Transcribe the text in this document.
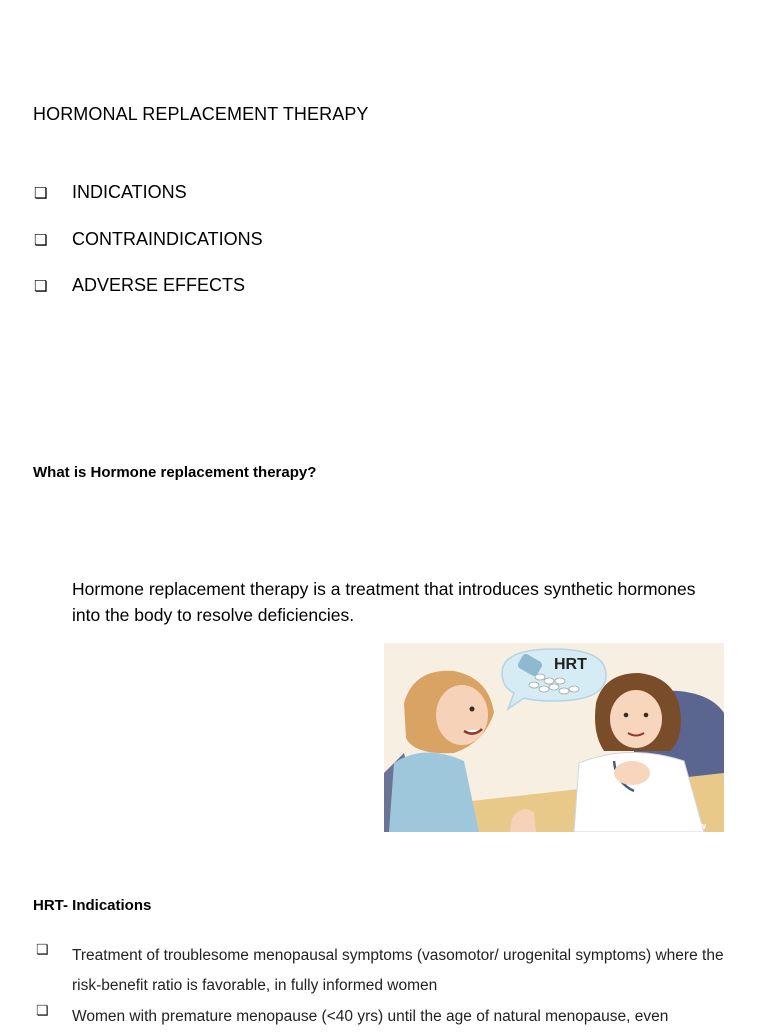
HORMONAL REPLACEMENT THERAPY
❏ INDICATIONS
❏ CONTRAINDICATIONS
❏ ADVERSE EFFECTS
What is Hormone replacement therapy?
Hormone replacement therapy is a treatment that introduces synthetic hormones into the body to resolve deficiencies.
HRT
wikiHow
HRT- Indications
❏ Treatment of troublesome menopausal symptoms (vasomotor/ urogenital symptoms) where the risk-benefit ratio is favorable, in fully informed women
❏ Women with premature menopause (<40 yrs) until the age of natural menopause, even
